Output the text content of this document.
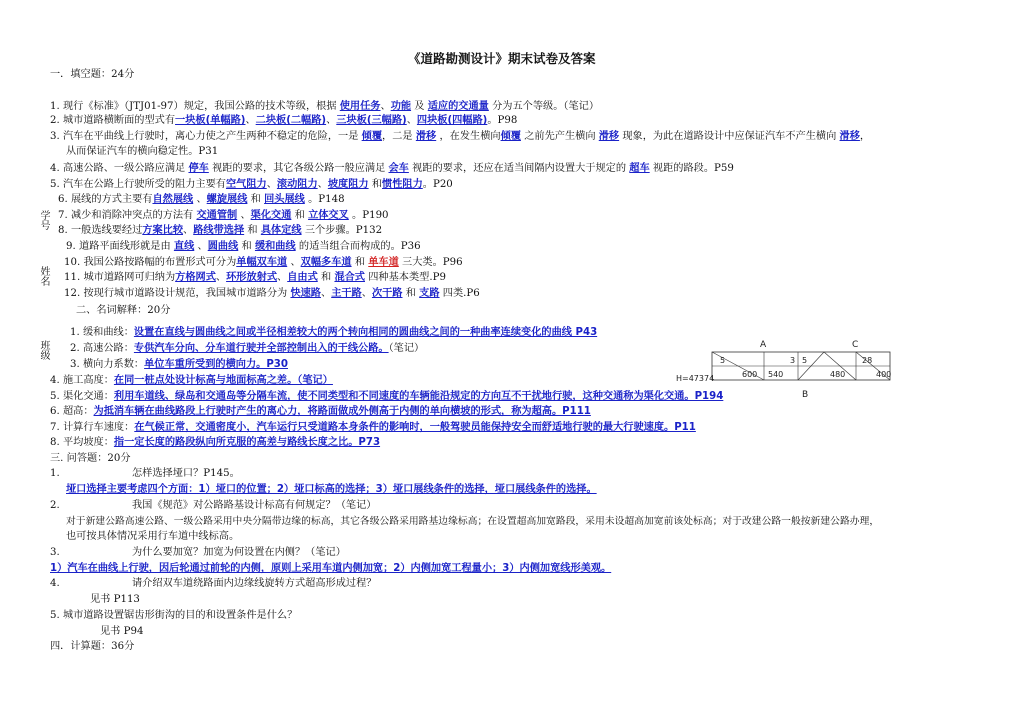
《道路勘测设计》期末试卷及答案
学号
姓名
班级
一．填空题：24分
1. 现行《标准》（JTJ01-97）规定，我国公路的技术等级，根据 使用任务、功能 及 适应的交通量 分为五个等级。（笔记）
2. 城市道路横断面的型式有一块板(单幅路)、二块板(二幅路)、三块板(三幅路)、四块板(四幅路)。P98
3. 汽车在平曲线上行驶时，离心力使之产生两种不稳定的危险，一是 倾覆，二是 滑移 ，在发生横向倾覆 之前先产生横向 滑移 现象，为此在道路设计中应保证汽车不产生横向 滑移，
从而保证汽车的横向稳定性。P31
4. 高速公路、一级公路应满足 停车 视距的要求，其它各级公路一般应满足 会车 视距的要求，还应在适当间隔内设置大于规定的 超车 视距的路段。P59
5. 汽车在公路上行驶所受的阻力主要有空气阻力、滚动阻力、坡度阻力 和惯性阻力。P20
6. 展线的方式主要有自然展线 、螺旋展线 和 回头展线 。P148
7. 减少和消除冲突点的方法有 交通管制 、渠化交通 和 立体交叉 。P190
8. 一般选线要经过方案比较、路线带选择 和 具体定线 三个步骤。P132
9. 道路平面线形就是由 直线 、圆曲线 和 缓和曲线 的适当组合而构成的。P36
10. 我国公路按路幅的布置形式可分为单幅双车道 、双幅多车道 和 单车道 三大类。P96
11. 城市道路网可归纳为方格网式、环形放射式、自由式 和 混合式 四种基本类型.P9
12. 按现行城市道路设计规范，我国城市道路分为 快速路、主干路、次干路 和 支路 四类.P6
二、名词解释：20分
1. 缓和曲线：设置在直线与圆曲线之间或半径相差较大的两个转向相同的圆曲线之间的一种曲率连续变化的曲线 P43
2. 高速公路：专供汽车分向、分车道行驶并全部控制出入的干线公路。（笔记）
3. 横向力系数：单位车重所受到的横向力。P30
4. 施工高度：在同一桩点处设计标高与地面标高之差。（笔记）
5. 渠化交通：利用车道线、绿岛和交通岛等分隔车流，使不同类型和不同速度的车辆能沿规定的方向互不干扰地行驶，这种交通称为渠化交通。P194
6. 超高：为抵消车辆在曲线路段上行驶时产生的离心力，将路面做成外侧高于内侧的单向横坡的形式，称为超高。P111
7. 计算行车速度：在气候正常，交通密度小，汽车运行只受道路本身条件的影响时，一般驾驶员能保持安全而舒适地行驶的最大行驶速度。P11
8. 平均坡度：指一定长度的路段纵向所克服的高差与路线长度之比。P73
三. 问答题：20分
1.	怎样选择垭口？P145。
垭口选择主要考虑四个方面：1）垭口的位置；2）垭口标高的选择；3）垭口展线条件的选择，垭口展线条件的选择。
2.	我国《规范》对公路路基设计标高有何规定？（笔记）
对于新建公路高速公路、一级公路采用中央分隔带边缘的标高，其它各级公路采用路基边缘标高；在设置超高加宽路段，采用未设超高加宽前该处标高；对于改建公路一般按新建公路办理，
也可按具体情况采用行车道中线标高。
3.	为什么要加宽？加宽为何设置在内侧？（笔记）
1）汽车在曲线上行驶，因后轮通过前轮的内侧，原则上采用车道内侧加宽；2）内侧加宽工程量小；3）内侧加宽线形美观。
4.	请介绍双车道绕路面内边缘线旋转方式超高形成过程？
见书 P113
5. 城市道路设置锯齿形街沟的目的和设置条件是什么？
见书 P94
四．计算题：36分
A	C
5	3 5	28
600 540	480	400
H=47374
B
